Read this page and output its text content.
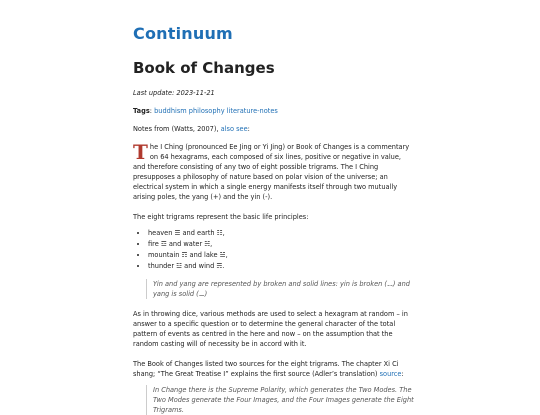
Continuum
Book of Changes
Last update: 2023-11-21
Tags: buddhism philosophy literature-notes
Notes from (Watts, 2007), also see:
The I Ching (pronounced Ee Jing or Yi Jing) or Book of Changes is a commentary on 64 hexagrams, each composed of six lines, positive or negative in value, and therefore consisting of any two of eight possible trigrams. The I Ching presupposes a philosophy of nature based on polar vision of the universe; an electrical system in which a single energy manifests itself through two mutually arising poles, the yang (+) and the yin (-).
The eight trigrams represent the basic life principles:
• heaven ☰ and earth ☷,
• fire ☲ and water ☵,
• mountain ☶ and lake ☱,
• thunder ☳ and wind ☴.
Yin and yang are represented by broken and solid lines: yin is broken (⚋) and yang is solid (⚊)
As in throwing dice, various methods are used to select a hexagram at random – in answer to a specific question or to determine the general character of the total pattern of events as centred in the here and now – on the assumption that the random casting will of necessity be in accord with it.
The Book of Changes listed two sources for the eight trigrams. The chapter Xi Ci shang; “The Great Treatise I” explains the first source (Adler’s translation) source:
In Change there is the Supreme Polarity, which generates the Two Modes. The Two Modes generate the Four Images, and the Four Images generate the Eight Trigrams.
